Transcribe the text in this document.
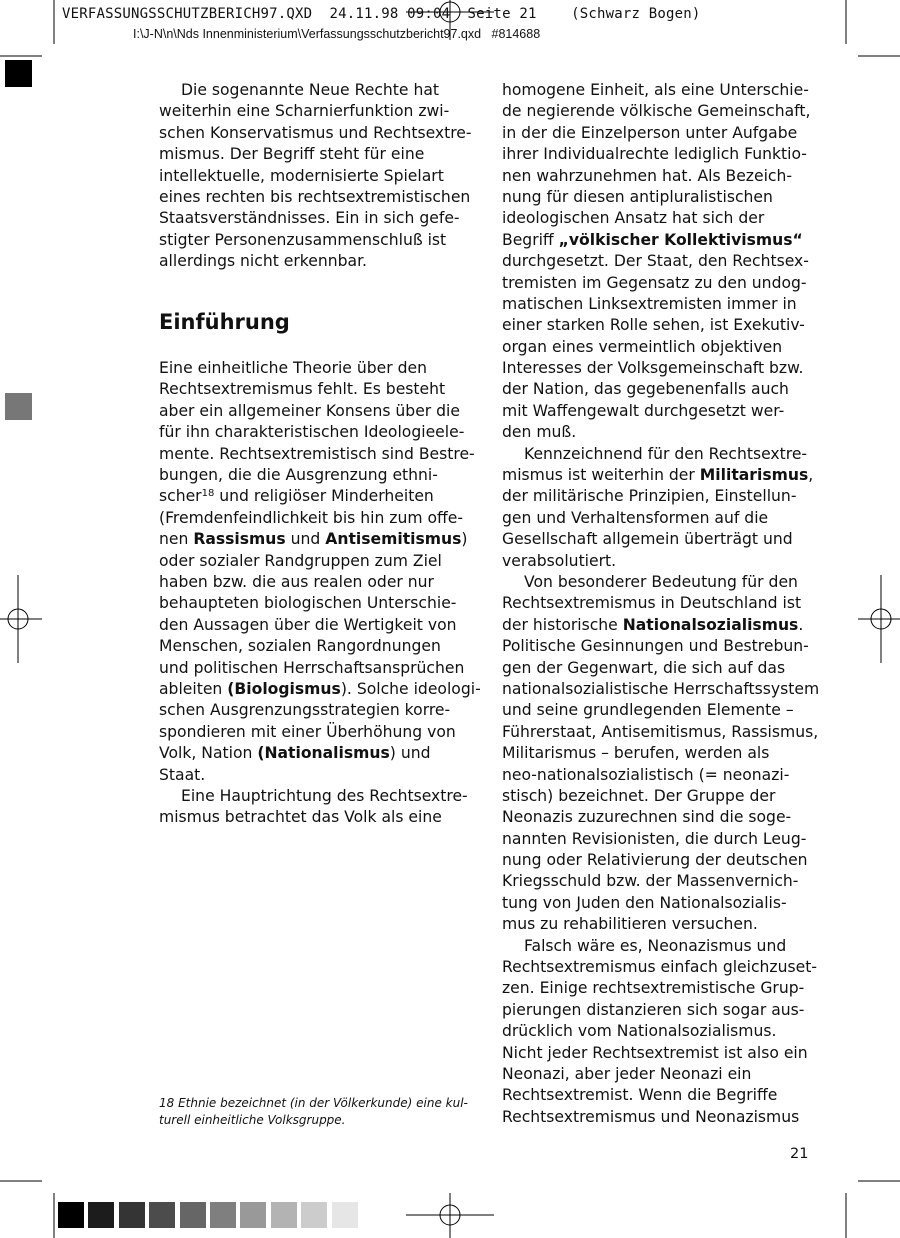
VERFASSUNGSSCHUTZBERICH97.QXD  24.11.98 09:04  Seite 21    (Schwarz Bogen)
I:\J-N\n\Nds Innenministerium\Verfassungsschutzbericht97.qxd   #814688
Die sogenannte Neue Rechte hat
weiterhin eine Scharnierfunktion zwi-
schen Konservatismus und Rechtsextre-
mismus. Der Begriff steht für eine
intellektuelle, modernisierte Spielart
eines rechten bis rechtsextremistischen
Staatsverständnisses. Ein in sich gefe-
stigter Personenzusammenschluß ist
allerdings nicht erkennbar.
Eine einheitliche Theorie über den
Rechtsextremismus fehlt. Es besteht
aber ein allgemeiner Konsens über die
für ihn charakteristischen Ideologieele-
mente. Rechtsextremistisch sind Bestre-
bungen, die die Ausgrenzung ethni-
scher$^{18}$ und religiöser Minderheiten
(Fremdenfeindlichkeit bis hin zum offe-
nen Rassismus und Antisemitismus)
oder sozialer Randgruppen zum Ziel
haben bzw. die aus realen oder nur
behaupteten biologischen Unterschie-
den Aussagen über die Wertigkeit von
Menschen, sozialen Rangordnungen
und politischen Herrschaftsansprüchen
ableiten (Biologismus). Solche ideologi-
schen Ausgrenzungsstrategien korre-
spondieren mit einer Überhöhung von
Volk, Nation (Nationalismus) und
Staat.
Eine Hauptrichtung des Rechtsextre-
mismus betrachtet das Volk als eine
Einführung
homogene Einheit, als eine Unterschie-
de negierende völkische Gemeinschaft,
in der die Einzelperson unter Aufgabe
ihrer Individualrechte lediglich Funktio-
nen wahrzunehmen hat. Als Bezeich-
nung für diesen antipluralistischen
ideologischen Ansatz hat sich der
Begriff „völkischer Kollektivismus“
durchgesetzt. Der Staat, den Rechtsex-
tremisten im Gegensatz zu den undog-
matischen Linksextremisten immer in
einer starken Rolle sehen, ist Exekutiv-
organ eines vermeintlich objektiven
Interesses der Volksgemeinschaft bzw.
der Nation, das gegebenenfalls auch
mit Waffengewalt durchgesetzt wer-
den muß.
Kennzeichnend für den Rechtsextre-
mismus ist weiterhin der Militarismus,
der militärische Prinzipien, Einstellun-
gen und Verhaltensformen auf die
Gesellschaft allgemein überträgt und
verabsolutiert.
Von besonderer Bedeutung für den
Rechtsextremismus in Deutschland ist
der historische Nationalsozialismus.
Politische Gesinnungen und Bestrebun-
gen der Gegenwart, die sich auf das
nationalsozialistische Herrschaftssystem
und seine grundlegenden Elemente –
Führerstaat, Antisemitismus, Rassismus,
Militarismus – berufen, werden als
neo-nationalsozialistisch (= neonazi-
stisch) bezeichnet. Der Gruppe der
Neonazis zuzurechnen sind die soge-
nannten Revisionisten, die durch Leug-
nung oder Relativierung der deutschen
Kriegsschuld bzw. der Massenvernich-
tung von Juden den Nationalsozialis-
mus zu rehabilitieren versuchen.
Falsch wäre es, Neonazismus und
Rechtsextremismus einfach gleichzuset-
zen. Einige rechtsextremistische Grup-
pierungen distanzieren sich sogar aus-
drücklich vom Nationalsozialismus.
Nicht jeder Rechtsextremist ist also ein
Neonazi, aber jeder Neonazi ein
Rechtsextremist. Wenn die Begriffe
Rechtsextremismus und Neonazismus
18 Ethnie bezeichnet (in der Völkerkunde) eine kul-
turell einheitliche Volksgruppe.
21
